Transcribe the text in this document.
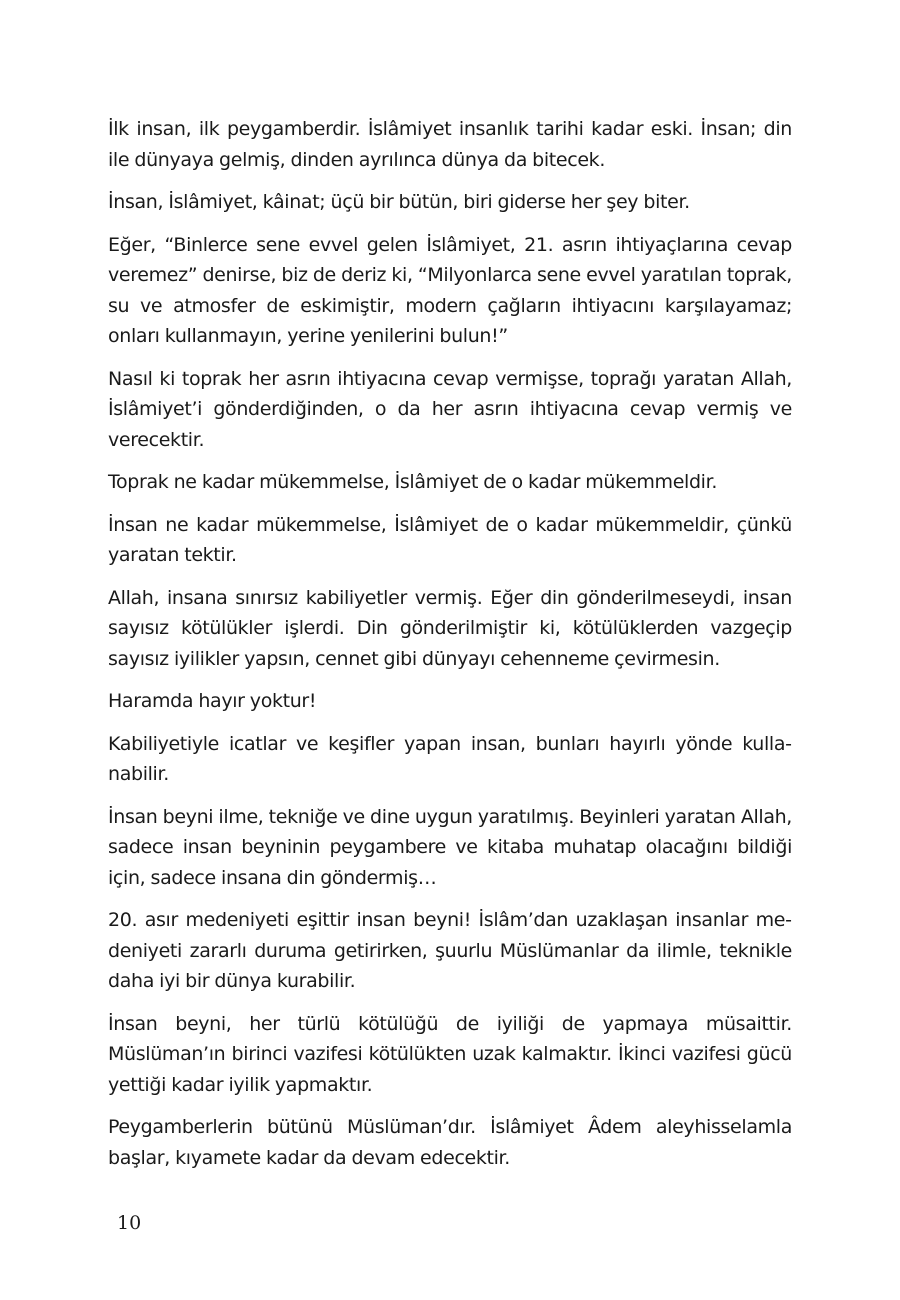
İlk insan, ilk peygamberdir. İslâmiyet insanlık tarihi kadar eski. İnsan; din ile dünyaya gelmiş, dinden ayrılınca dünya da bitecek.

İnsan, İslâmiyet, kâinat; üçü bir bütün, biri giderse her şey biter.

Eğer, “Binlerce sene evvel gelen İslâmiyet, 21. asrın ihtiyaçlarına cevap veremez” denirse, biz de deriz ki, “Milyonlarca sene evvel yaratılan toprak, su ve atmosfer de eskimiştir, modern çağların ihtiyacını karşılayamaz; onları kullanmayın, yerine yenilerini bulun!”

Nasıl ki toprak her asrın ihtiyacına cevap vermişse, toprağı yaratan Allah, İslâmiyet’i gönderdiğinden, o da her asrın ihtiyacına cevap vermiş ve verecektir.

Toprak ne kadar mükemmelse, İslâmiyet de o kadar mükemmeldir.

İnsan ne kadar mükemmelse, İslâmiyet de o kadar mükemmeldir, çünkü yaratan tektir.

Allah, insana sınırsız kabiliyetler vermiş. Eğer din gönderilmeseydi, insan sayısız kötülükler işlerdi. Din gönderilmiştir ki, kötülüklerden vazgeçip sayısız iyilikler yapsın, cennet gibi dünyayı cehenneme çevirmesin.

Haramda hayır yoktur!

Kabiliyetiyle icatlar ve keşifler yapan insan, bunları hayırlı yönde kullanabilir.

İnsan beyni ilme, tekniğe ve dine uygun yaratılmış. Beyinleri yaratan Allah, sadece insan beyninin peygambere ve kitaba muhatap olacağını bildiği için, sadece insana din göndermiş…

20. asır medeniyeti eşittir insan beyni! İslâm’dan uzaklaşan insanlar medeniyeti zararlı duruma getirirken, şuurlu Müslümanlar da ilimle, teknikle daha iyi bir dünya kurabilir.

İnsan beyni, her türlü kötülüğü de iyiliği de yapmaya müsaittir. Müslüman’ın birinci vazifesi kötülükten uzak kalmaktır. İkinci vazifesi gücü yettiği kadar iyilik yapmaktır.

Peygamberlerin bütünü Müslüman’dır. İslâmiyet Âdem aleyhisselamla başlar, kıyamete kadar da devam edecektir.

10
